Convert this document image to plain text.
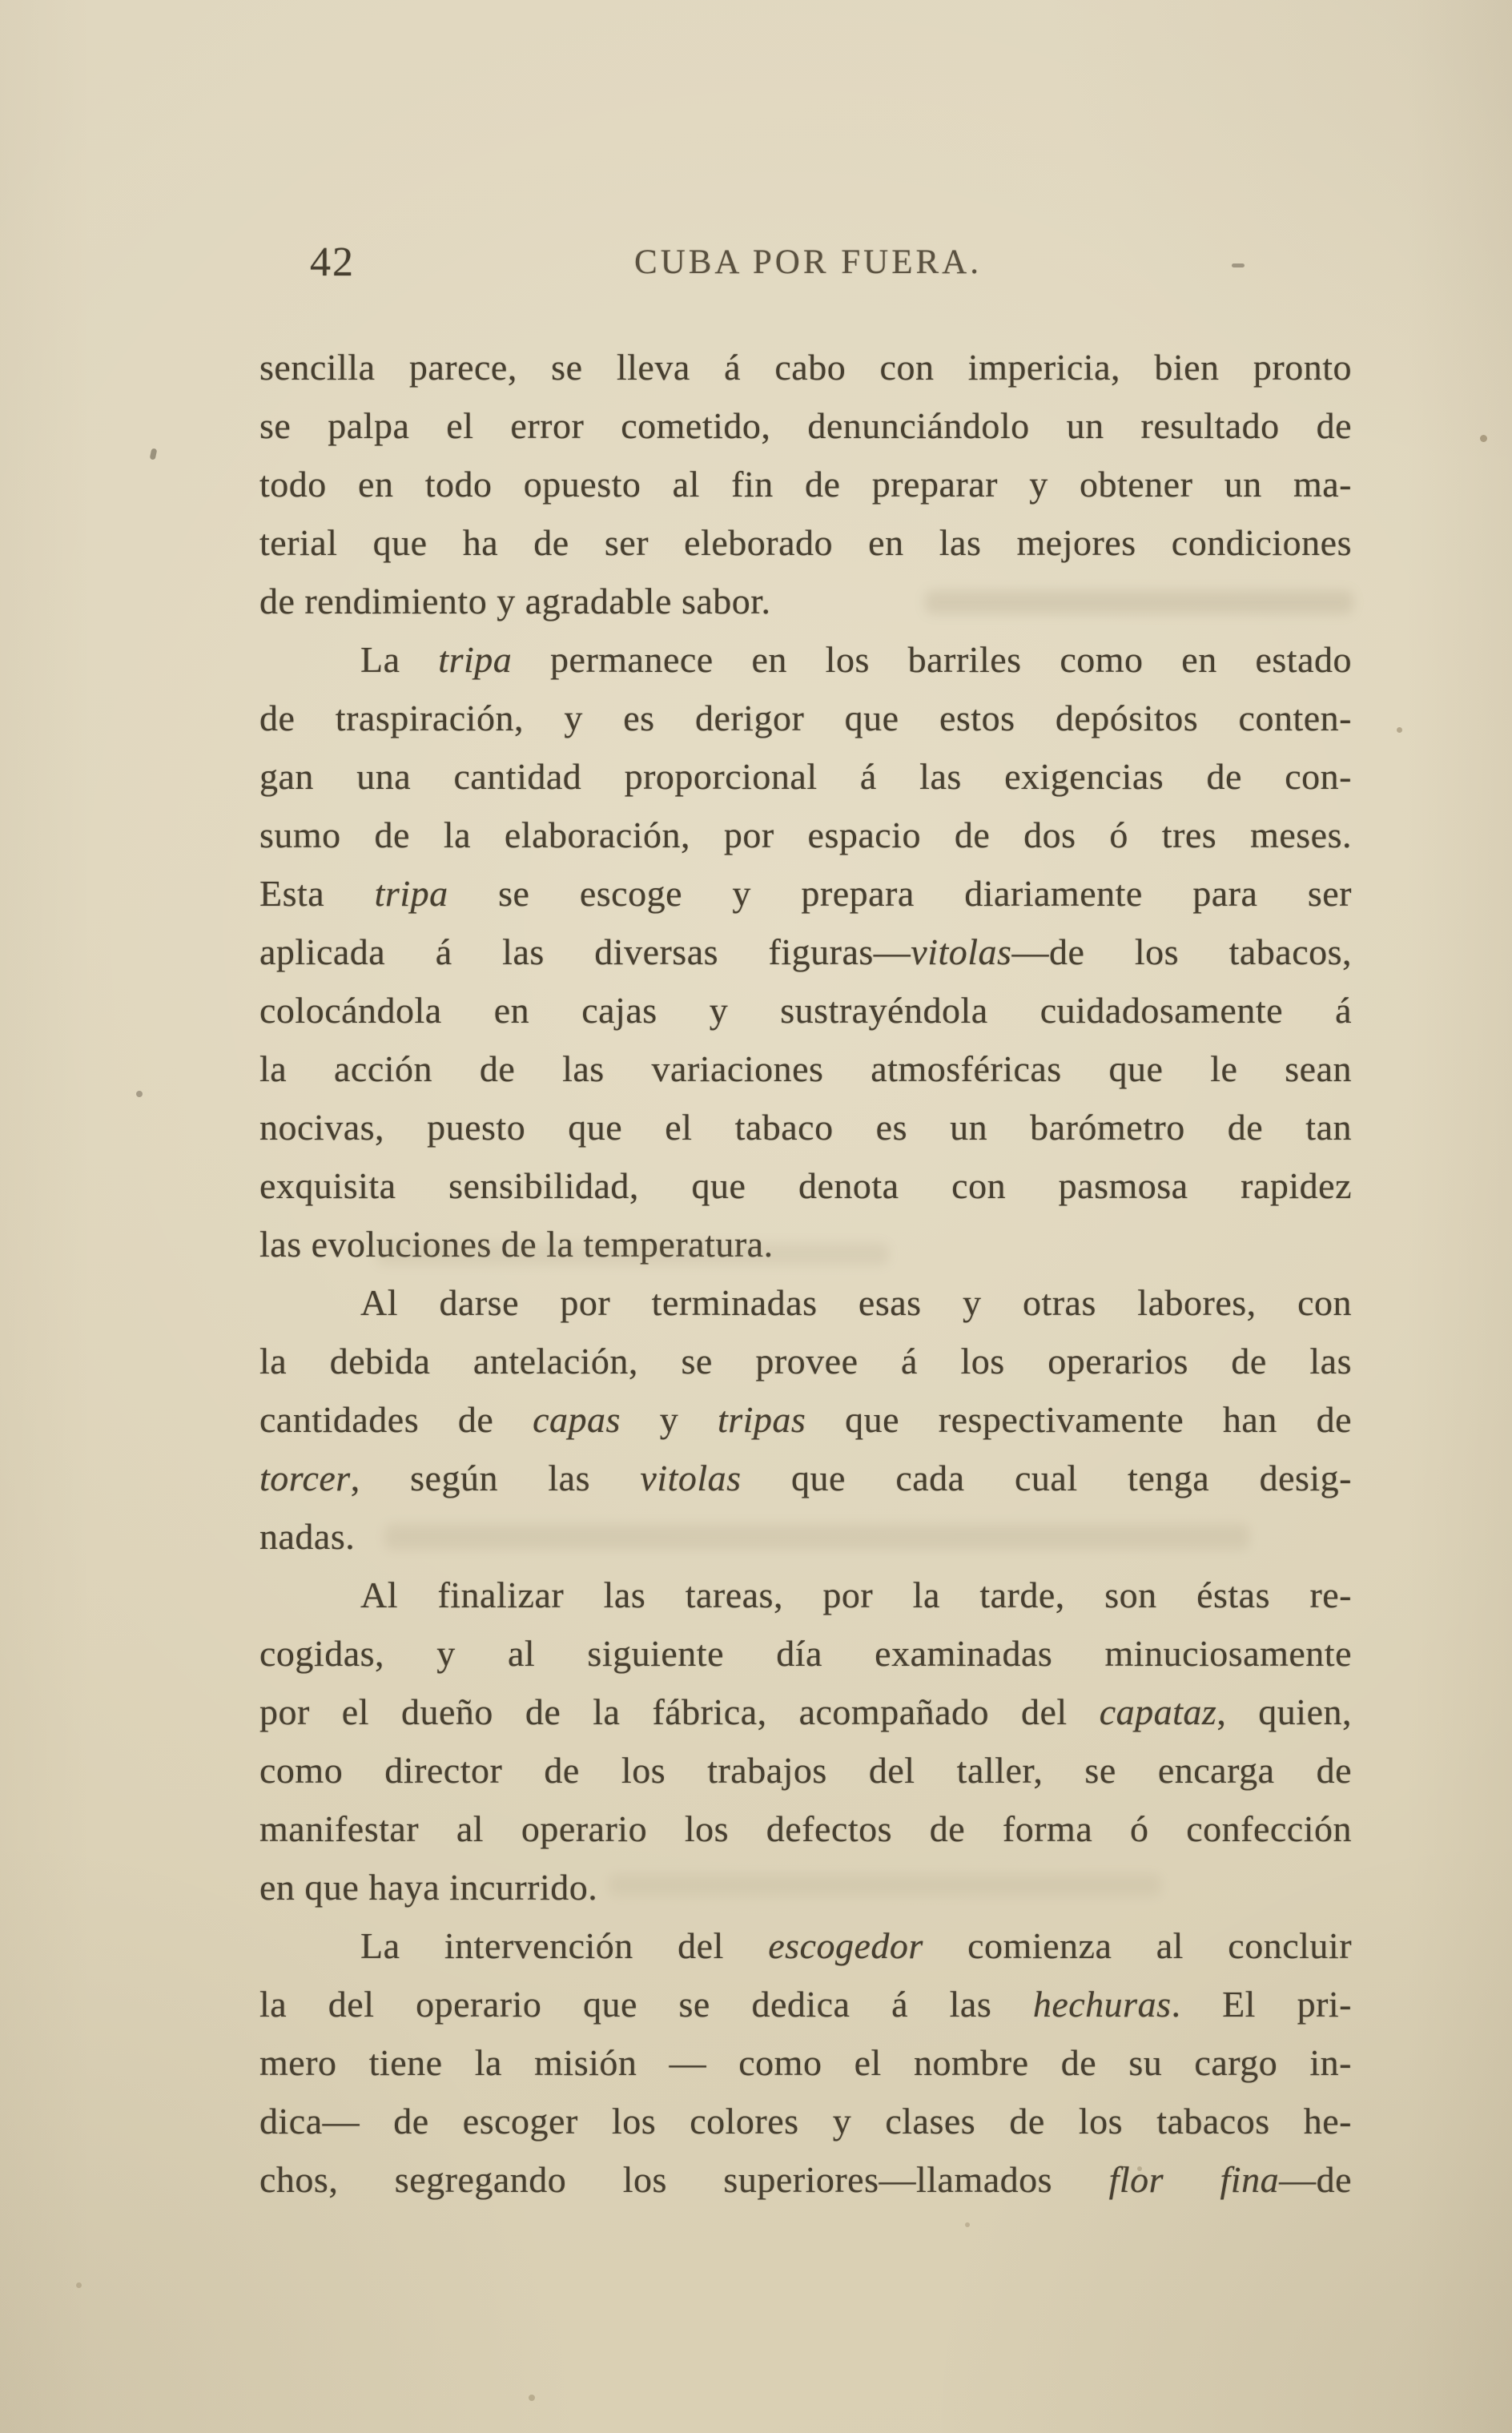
42	CUBA POR FUERA.
sencilla parece, se lleva á cabo con impericia, bien pronto
se palpa el error cometido, denunciándolo un resultado de
todo en todo opuesto al fin de preparar y obtener un ma-
terial que ha de ser eleborado en las mejores condiciones
de rendimiento y agradable sabor.
La tripa permanece en los barriles como en estado
de traspiración, y es derigor que estos depósitos conten-
gan una cantidad proporcional á las exigencias de con-
sumo de la elaboración, por espacio de dos ó tres meses.
Esta tripa se escoge y prepara diariamente para ser
aplicada á las diversas figuras—vitolas—de los tabacos,
colocándola en cajas y sustrayéndola cuidadosamente á
la acción de las variaciones atmosféricas que le sean
nocivas, puesto que el tabaco es un barómetro de tan
exquisita sensibilidad, que denota con pasmosa rapidez
las evoluciones de la temperatura.
Al darse por terminadas esas y otras labores, con
la debida antelación, se provee á los operarios de las
cantidades de capas y tripas que respectivamente han de
torcer, según las vitolas que cada cual tenga desig-
nadas.
Al finalizar las tareas, por la tarde, son éstas re-
cogidas, y al siguiente día examinadas minuciosamente
por el dueño de la fábrica, acompañado del capataz, quien,
como director de los trabajos del taller, se encarga de
manifestar al operario los defectos de forma ó confección
en que haya incurrido.
La intervención del escogedor comienza al concluir
la del operario que se dedica á las hechuras. El pri-
mero tiene la misión — como el nombre de su cargo in-
dica— de escoger los colores y clases de los tabacos he-
chos, segregando los superiores—llamados flor fina—de
